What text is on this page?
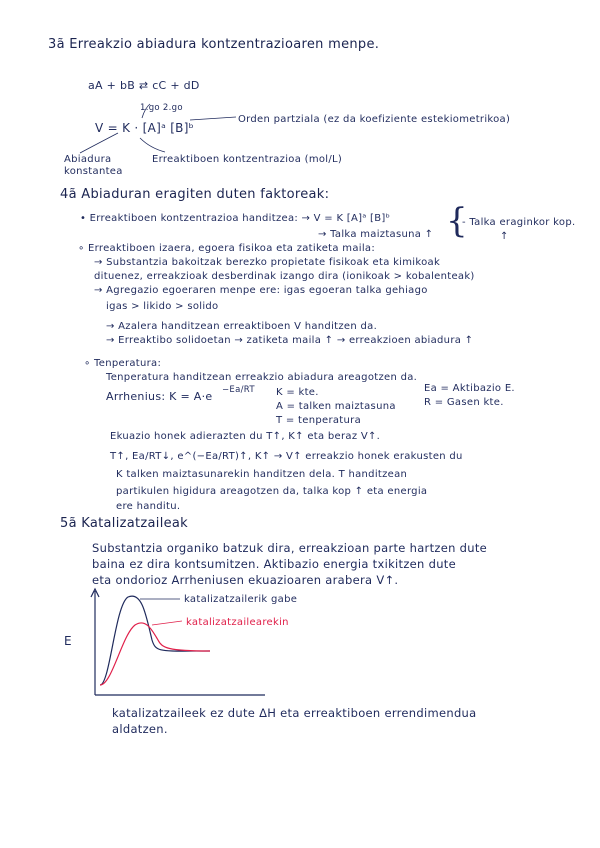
3ã Erreakzio abiadura kontzentrazioaren menpe.
aA + bB ⇄ cC + dD
1.go 2.go
Orden partziala (ez da koefiziente estekiometrikoa)
V = K · [A]ᵃ [B]ᵇ
Abiadura
konstantea
Erreaktiboen kontzentrazioa (mol/L)
4ã Abiaduran eragiten duten faktoreak:
• Erreaktiboen kontzentrazioa handitzea: → V = K [A]ᵃ [B]ᵇ
→ Talka maiztasuna ↑ {
- Talka eraginkor kop.
↑
∘ Erreaktiboen izaera, egoera fisikoa eta zatiketa maila:
→ Substantzia bakoitzak berezko propietate fisikoak eta kimikoak
dituenez, erreakzioak desberdinak izango dira (ionikoak > kobalenteak)
→ Agregazio egoeraren menpe ere: igas egoeran talka gehiago
igas > likido > solido
→ Azalera handitzean erreaktiboen V handitzen da.
→ Erreaktibo solidoetan → zatiketa maila ↑ → erreakzioen abiadura ↑
∘ Tenperatura:
Tenperatura handitzean erreakzio abiadura areagotzen da.
Arrhenius: K = A·e −Ea/RT K = kte.
A = talken maiztasuna
T = tenperatura
Ea = Aktibazio E.
R = Gasen kte.
Ekuazio honek adierazten du T↑, K↑ eta beraz V↑.
T↑, Ea/RT↓, e^(−Ea/RT)↑, K↑ → V↑ erreakzio honek erakusten du
K talken maiztasunarekin handitzen dela. T handitzean
partikulen higidura areagotzen da, talka kop ↑ eta energia
ere handitu.
5ã Katalizatzaileak
Substantzia organiko batzuk dira, erreakzioan parte hartzen dute
baina ez dira kontsumitzen. Aktibazio energia txikitzen dute
eta ondorioz Arrheniusen ekuazioaren arabera V↑.
E
katalizatzailerik gabe
katalizatzailearekin
katalizatzaileek ez dute ΔH eta erreaktiboen errendimendua
aldatzen.
